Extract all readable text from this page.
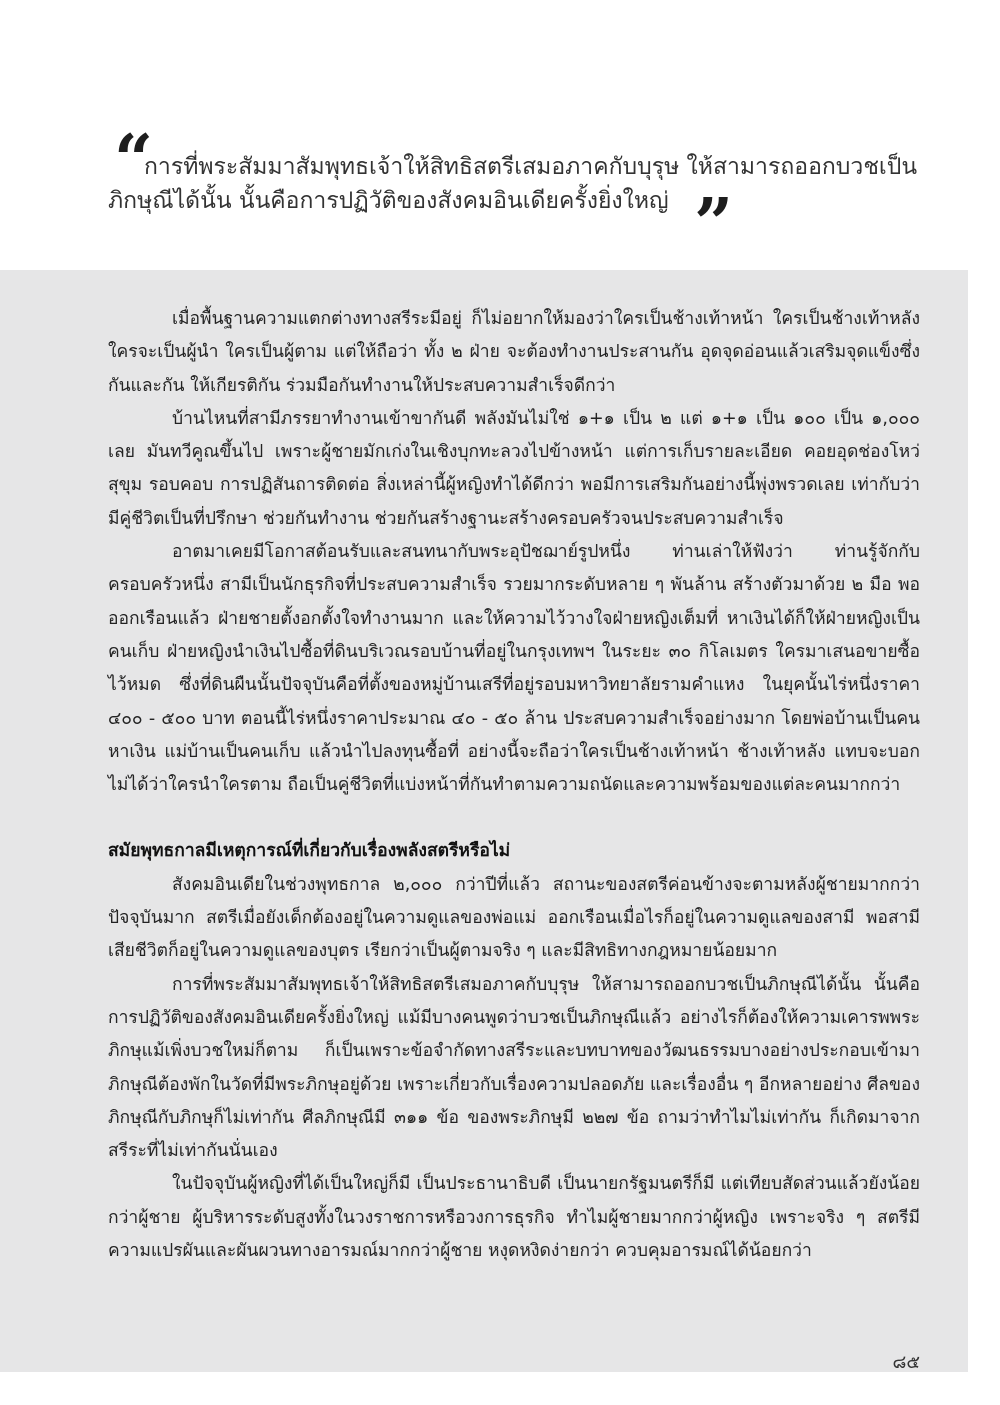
“

การที่พระสัมมาสัมพุทธเจ้าให้สิทธิสตรีเสมอภาคกับบุรุษ ให้สามารถออกบวชเป็นภิกษุณีได้นั้น นั้นคือการปฏิวัติของสังคมอินเดียครั้งยิ่งใหญ่ ”

เมื่อพื้นฐานความแตกต่างทางสรีระมีอยู่ ก็ไม่อยากให้มองว่าใครเป็นช้างเท้าหน้า ใครเป็นช้างเท้าหลัง ใครจะเป็นผู้นำ ใครเป็นผู้ตาม แต่ให้ถือว่า ทั้ง ๒ ฝ่าย จะต้องทำงานประสานกัน อุดจุดอ่อนแล้วเสริมจุดแข็งซึ่งกันและกัน ให้เกียรติกัน ร่วมมือกันทำงานให้ประสบความสำเร็จดีกว่า

บ้านไหนที่สามีภรรยาทำงานเข้าขากันดี พลังมันไม่ใช่ ๑+๑ เป็น ๒ แต่ ๑+๑ เป็น ๑๐๐ เป็น ๑,๐๐๐ เลย มันทวีคูณขึ้นไป เพราะผู้ชายมักเก่งในเชิงบุกทะลวงไปข้างหน้า แต่การเก็บรายละเอียด คอยอุดช่องโหว่ สุขุม รอบคอบ การปฏิสันถารติดต่อ สิ่งเหล่านี้ผู้หญิงทำได้ดีกว่า พอมีการเสริมกันอย่างนี้พุ่งพรวดเลย เท่ากับว่ามีคู่ชีวิตเป็นที่ปรึกษา ช่วยกันทำงาน ช่วยกันสร้างฐานะสร้างครอบครัวจนประสบความสำเร็จ

อาตมาเคยมีโอกาสต้อนรับและสนทนากับพระอุปัชฌาย์รูปหนึ่ง ท่านเล่าให้ฟังว่า ท่านรู้จักกับครอบครัวหนึ่ง สามีเป็นนักธุรกิจที่ประสบความสำเร็จ รวยมากระดับหลาย ๆ พันล้าน สร้างตัวมาด้วย ๒ มือ พอออกเรือนแล้ว ฝ่ายชายตั้งอกตั้งใจทำงานมาก และให้ความไว้วางใจฝ่ายหญิงเต็มที่ หาเงินได้ก็ให้ฝ่ายหญิงเป็นคนเก็บ ฝ่ายหญิงนำเงินไปซื้อที่ดินบริเวณรอบบ้านที่อยู่ในกรุงเทพฯ ในระยะ ๓๐ กิโลเมตร ใครมาเสนอขายซื้อไว้หมด ซึ่งที่ดินผืนนั้นปัจจุบันคือที่ตั้งของหมู่บ้านเสรีที่อยู่รอบมหาวิทยาลัยรามคำแหง ในยุคนั้นไร่หนึ่งราคา ๔๐๐ - ๕๐๐ บาท ตอนนี้ไร่หนึ่งราคาประมาณ ๔๐ - ๕๐ ล้าน ประสบความสำเร็จอย่างมาก โดยพ่อบ้านเป็นคนหาเงิน แม่บ้านเป็นคนเก็บ แล้วนำไปลงทุนซื้อที่ อย่างนี้จะถือว่าใครเป็นช้างเท้าหน้า ช้างเท้าหลัง แทบจะบอกไม่ได้ว่าใครนำใครตาม ถือเป็นคู่ชีวิตที่แบ่งหน้าที่กันทำตามความถนัดและความพร้อมของแต่ละคนมากกว่า

สมัยพุทธกาลมีเหตุการณ์ที่เกี่ยวกับเรื่องพลังสตรีหรือไม่

สังคมอินเดียในช่วงพุทธกาล ๒,๐๐๐ กว่าปีที่แล้ว สถานะของสตรีค่อนข้างจะตามหลังผู้ชายมากกว่าปัจจุบันมาก สตรีเมื่อยังเด็กต้องอยู่ในความดูแลของพ่อแม่ ออกเรือนเมื่อไรก็อยู่ในความดูแลของสามี พอสามีเสียชีวิตก็อยู่ในความดูแลของบุตร เรียกว่าเป็นผู้ตามจริง ๆ และมีสิทธิทางกฎหมายน้อยมาก

การที่พระสัมมาสัมพุทธเจ้าให้สิทธิสตรีเสมอภาคกับบุรุษ ให้สามารถออกบวชเป็นภิกษุณีได้นั้น นั้นคือการปฏิวัติของสังคมอินเดียครั้งยิ่งใหญ่ แม้มีบางคนพูดว่าบวชเป็นภิกษุณีแล้ว อย่างไรก็ต้องให้ความเคารพพระภิกษุแม้เพิ่งบวชใหม่ก็ตาม ก็เป็นเพราะข้อจำกัดทางสรีระและบทบาทของวัฒนธรรมบางอย่างประกอบเข้ามา ภิกษุณีต้องพักในวัดที่มีพระภิกษุอยู่ด้วย เพราะเกี่ยวกับเรื่องความปลอดภัย และเรื่องอื่น ๆ อีกหลายอย่าง ศีลของภิกษุณีกับภิกษุก็ไม่เท่ากัน ศีลภิกษุณีมี ๓๑๑ ข้อ ของพระภิกษุมี ๒๒๗ ข้อ ถามว่าทำไมไม่เท่ากัน ก็เกิดมาจากสรีระที่ไม่เท่ากันนั่นเอง

ในปัจจุบันผู้หญิงที่ได้เป็นใหญ่ก็มี เป็นประธานาธิบดี เป็นนายกรัฐมนตรีก็มี แต่เทียบสัดส่วนแล้วยังน้อยกว่าผู้ชาย ผู้บริหารระดับสูงทั้งในวงราชการหรือวงการธุรกิจ ทำไมผู้ชายมากกว่าผู้หญิง เพราะจริง ๆ สตรีมีความแปรผันและผันผวนทางอารมณ์มากกว่าผู้ชาย หงุดหงิดง่ายกว่า ควบคุมอารมณ์ได้น้อยกว่า

๘๕
